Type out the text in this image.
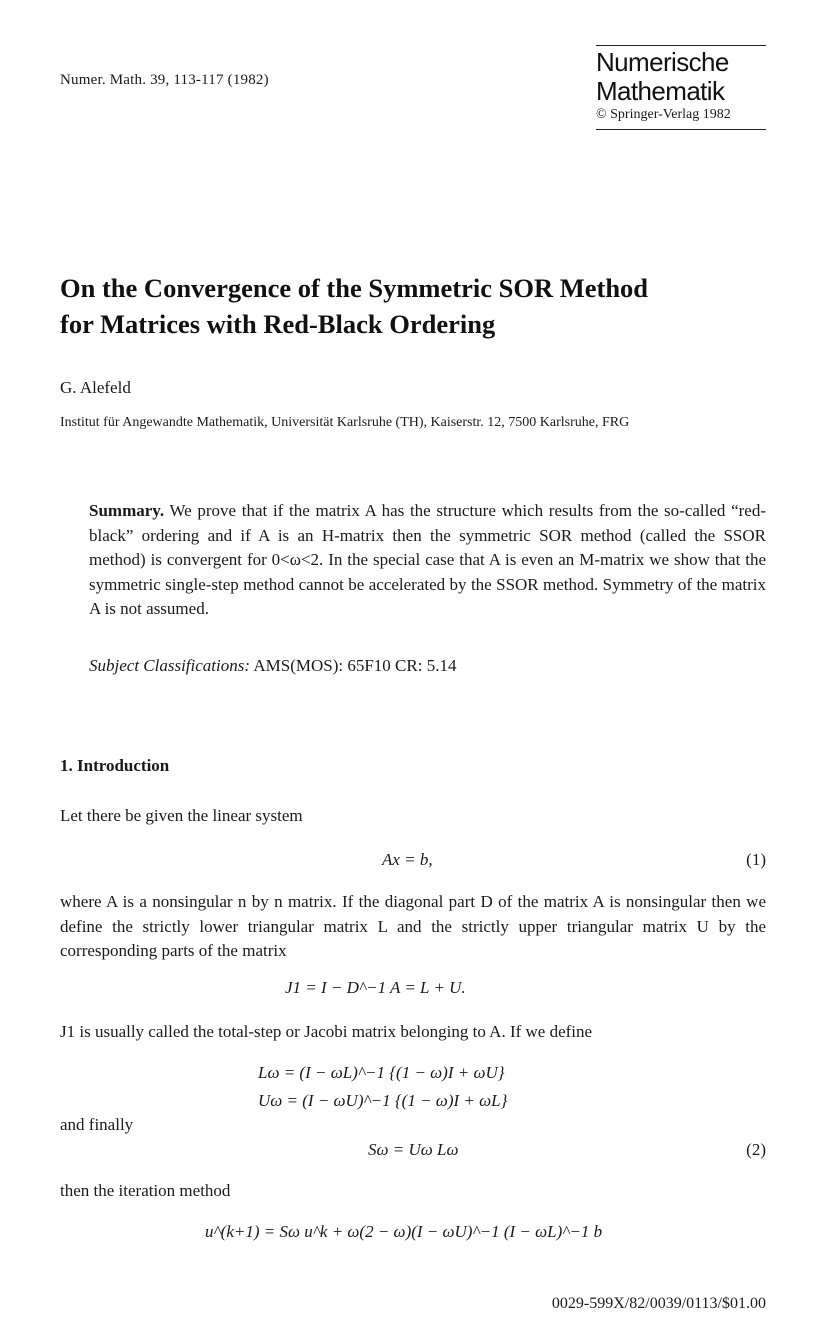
Numer. Math. 39, 113-117 (1982)
Numerische
Mathematik
© Springer-Verlag 1982
On the Convergence of the Symmetric SOR Method
for Matrices with Red-Black Ordering
G. Alefeld
Institut für Angewandte Mathematik, Universität Karlsruhe (TH), Kaiserstr. 12, 7500 Karlsruhe, FRG
Summary. We prove that if the matrix A has the structure which results from the so-called “red-black” ordering and if A is an H-matrix then the symmetric SOR method (called the SSOR method) is convergent for 0<ω<2. In the special case that A is even an M-matrix we show that the symmetric single-step method cannot be accelerated by the SSOR method. Symmetry of the matrix A is not assumed.
Subject Classifications: AMS(MOS): 65F10 CR: 5.14
1. Introduction
Let there be given the linear system
Ax = b,	(1)
where A is a nonsingular n by n matrix. If the diagonal part D of the matrix A is nonsingular then we define the strictly lower triangular matrix L and the strictly upper triangular matrix U by the corresponding parts of the matrix
J1 = I − D^−1 A = L + U.
J1 is usually called the total-step or Jacobi matrix belonging to A. If we define
Lω = (I − ωL)^−1 {(1 − ω)I + ωU}
Uω = (I − ωU)^−1 {(1 − ω)I + ωL}
and finally
Sω = Uω Lω	(2)
then the iteration method
u^(k+1) = Sω u^k + ω(2 − ω)(I − ωU)^−1 (I − ωL)^−1 b
0029-599X/82/0039/0113/$01.00
